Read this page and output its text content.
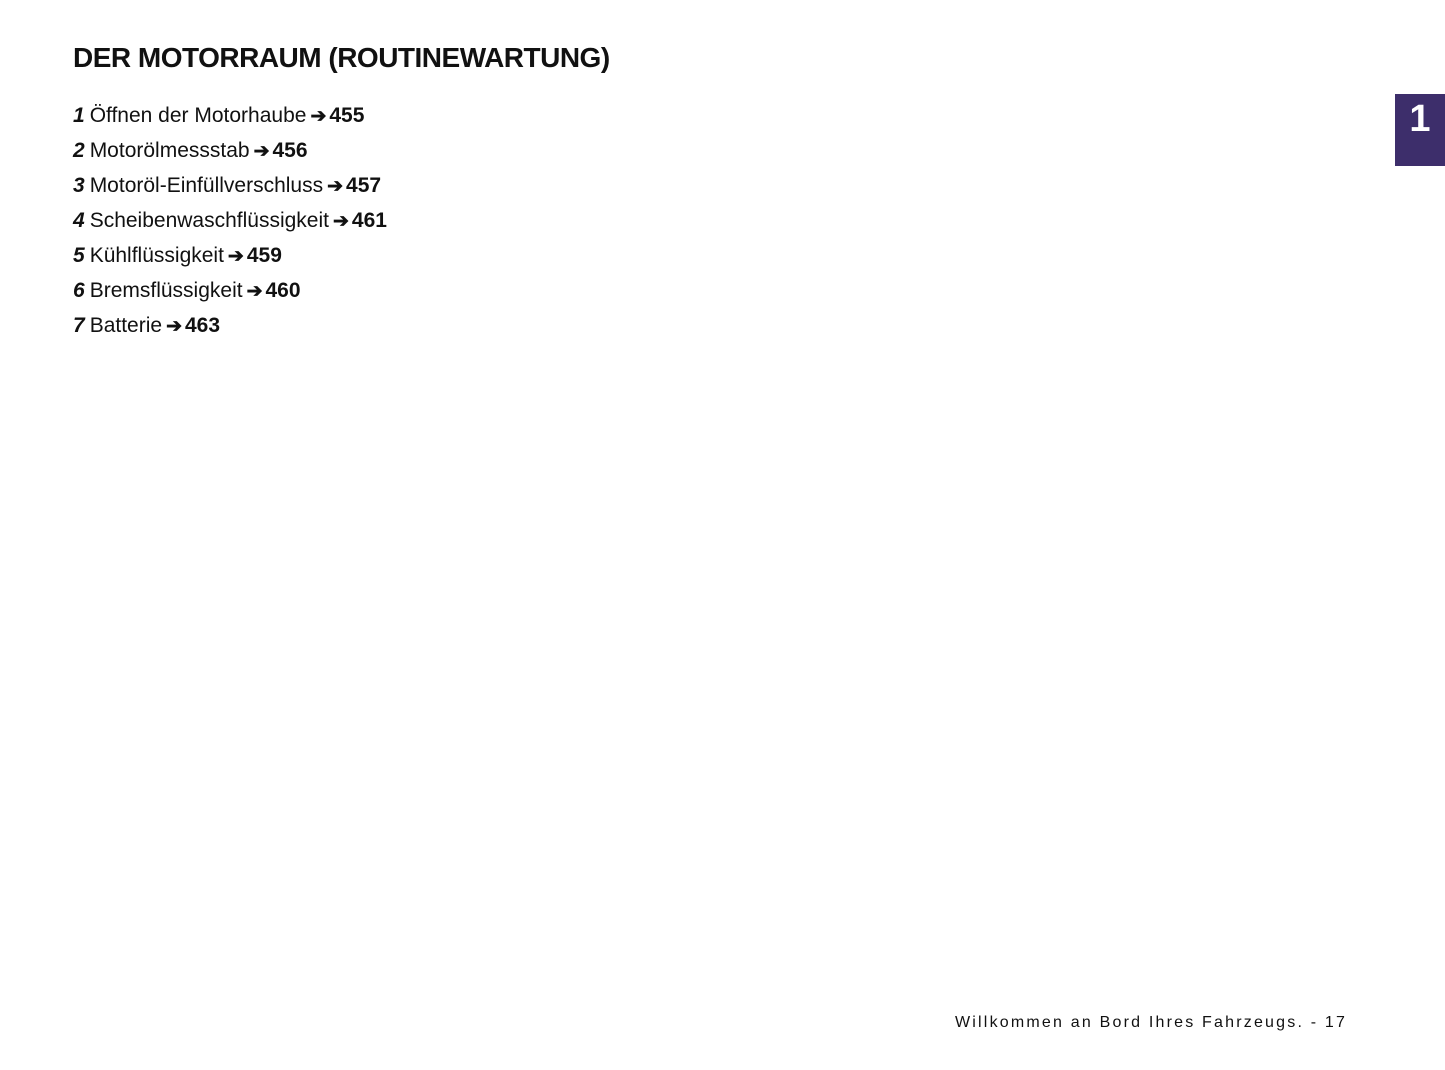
DER MOTORRAUM (ROUTINEWARTUNG)
1 Öffnen der Motorhaube ➔ 455
2 Motorölmessstab ➔ 456
3 Motoröl-Einfüllverschluss ➔ 457
4 Scheibenwaschflüssigkeit ➔ 461
5 Kühlflüssigkeit ➔ 459
6 Bremsflüssigkeit ➔ 460
7 Batterie ➔ 463
1
Willkommen an Bord Ihres Fahrzeugs. - 17
